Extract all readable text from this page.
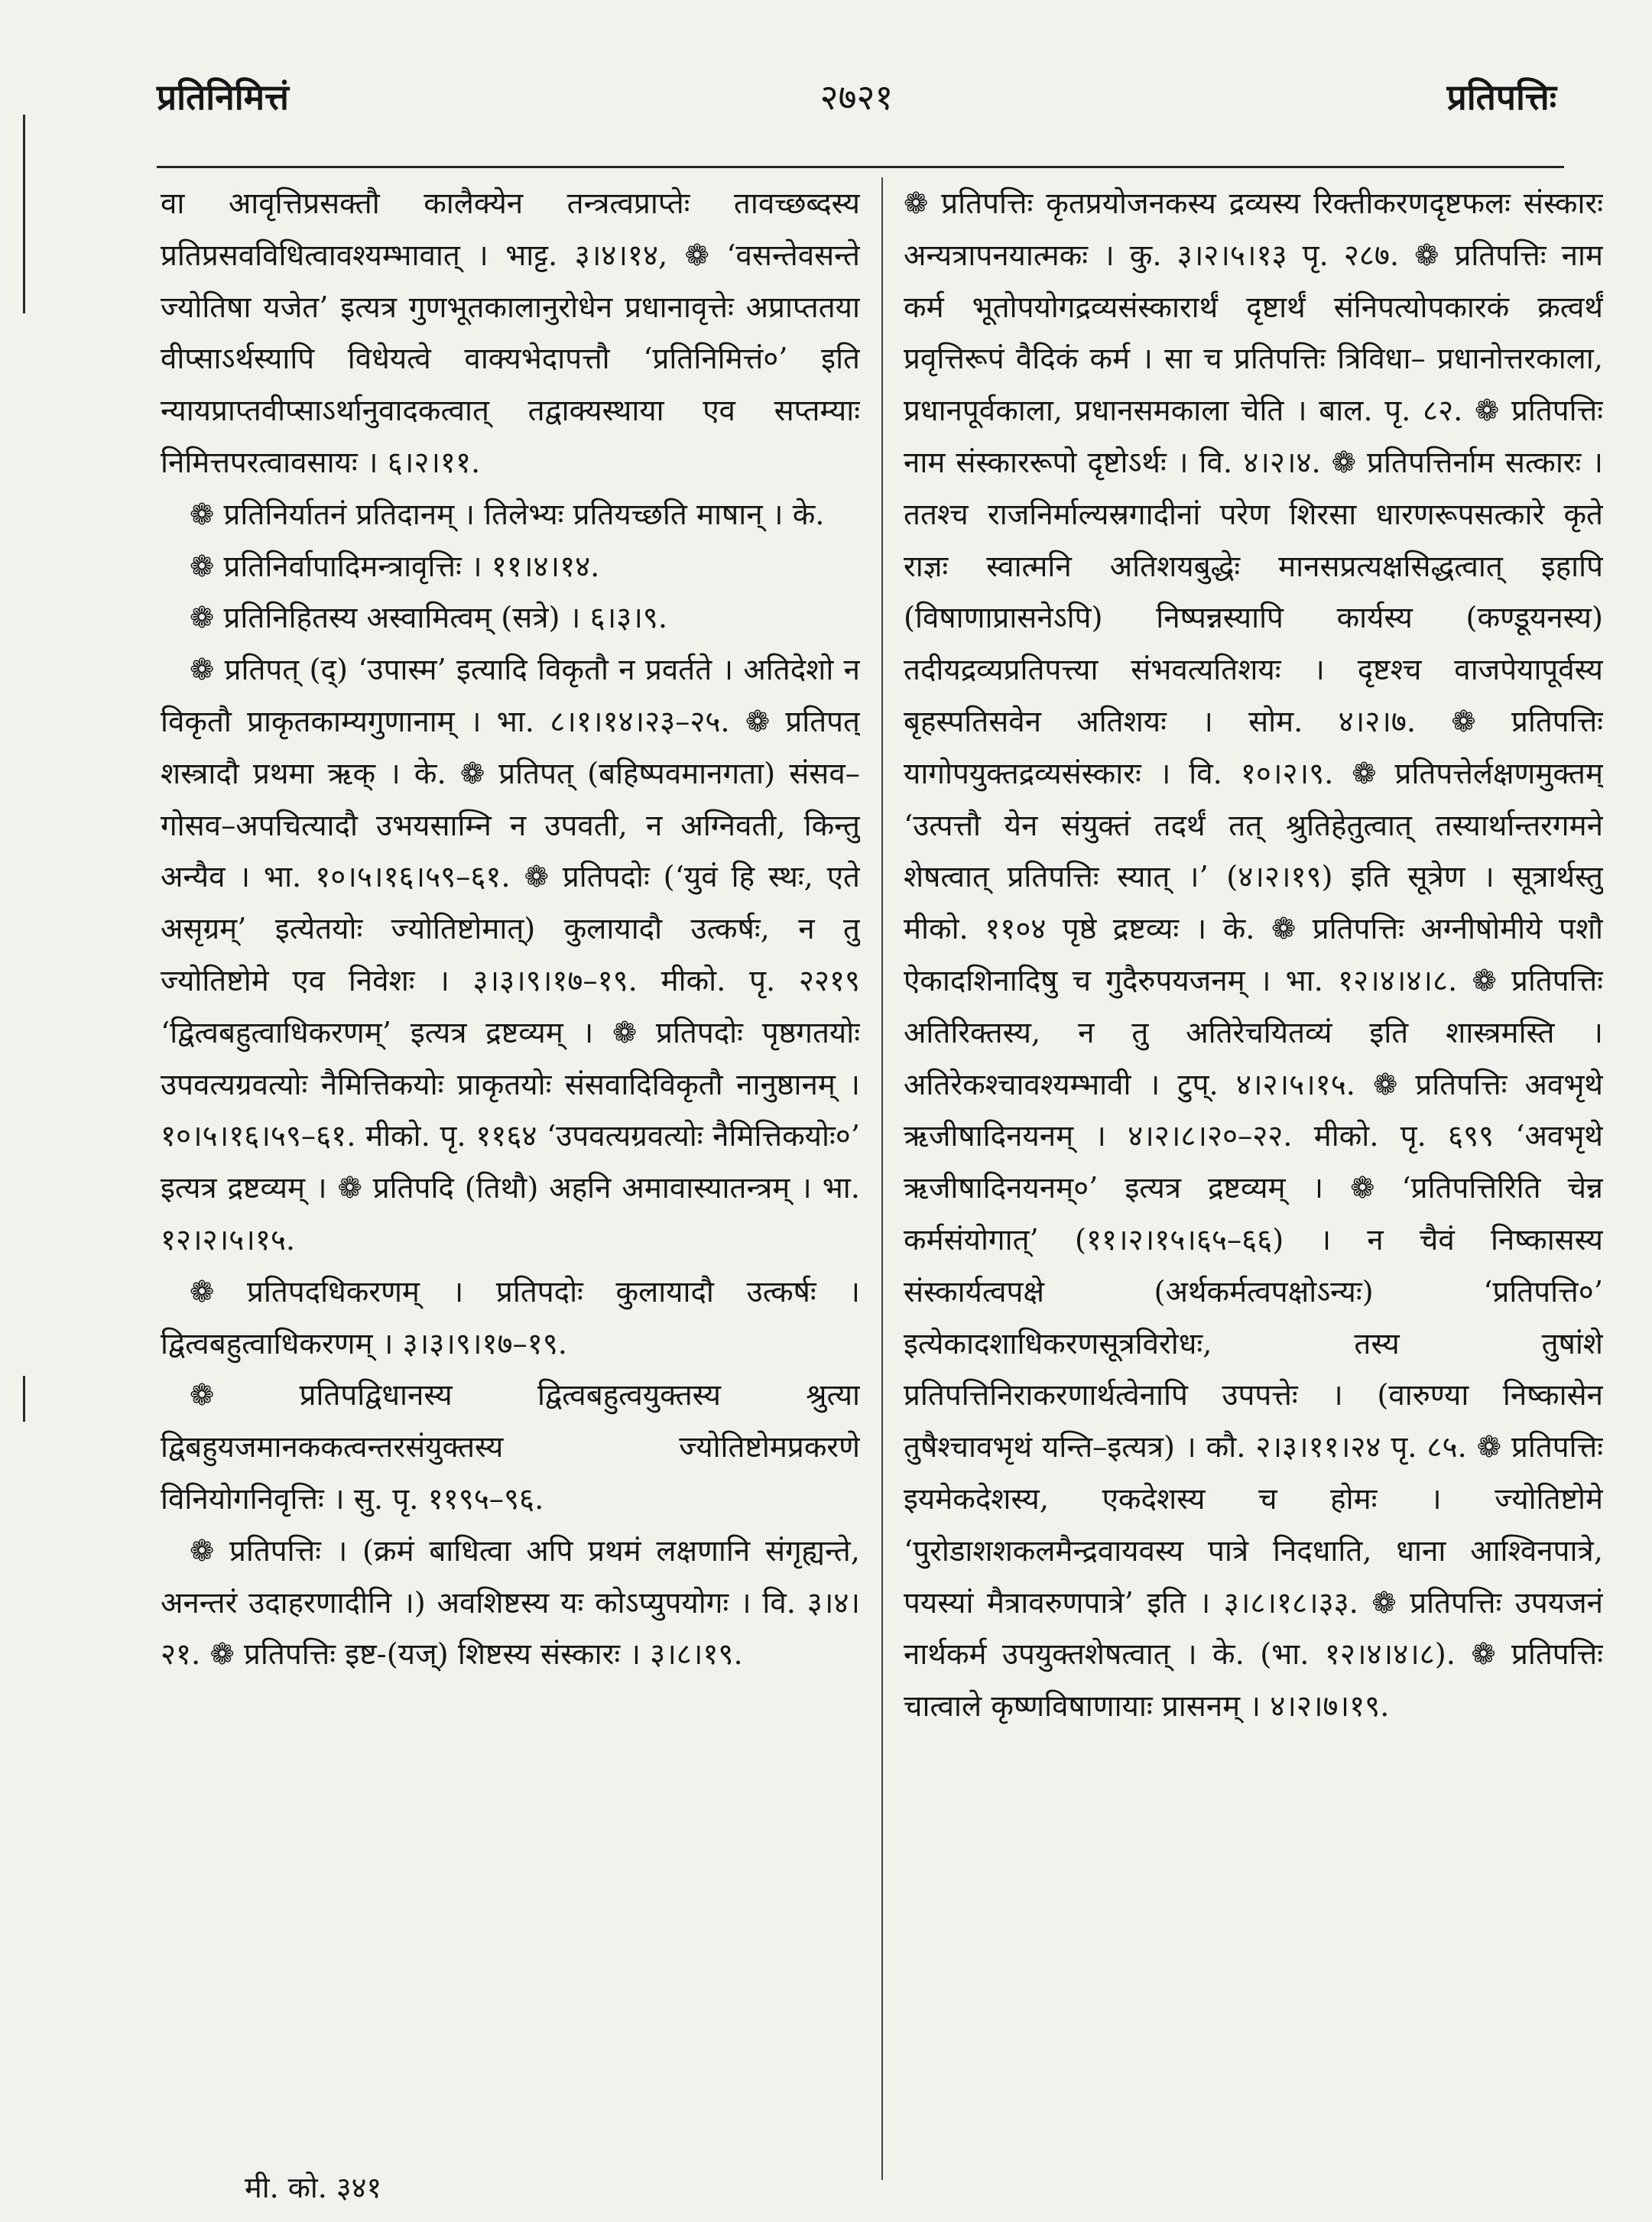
प्रतिनिमित्तं	२७२१	प्रतिपत्तिः

वा आवृत्तिप्रसक्तौ कालैक्येन तन्त्रत्वप्राप्तेः तावच्छब्दस्य प्रतिप्रसवविधित्वावश्यम्भावात् । भाट्ट. ३।४।१४, ❁ ‘वसन्तेवसन्ते ज्योतिषा यजेत’ इत्यत्र गुणभूतकालानुरोधेन प्रधानावृत्तेः अप्राप्ततया वीप्साऽर्थस्यापि विधेयत्वे वाक्यभेदापत्तौ ‘प्रतिनिमित्तं०’ इति न्यायप्राप्तवीप्साऽर्थानुवादकत्वात् तद्वाक्यस्थाया एव सप्तम्याः निमित्तपरत्वावसायः । ६।२।११.

❁ प्रतिनिर्यातनं प्रतिदानम् । तिलेभ्यः प्रतियच्छति माषान् । के.

❁ प्रतिनिर्वापादिमन्त्रावृत्तिः । ११।४।१४.

❁ प्रतिनिहितस्य अस्वामित्वम् (सत्रे) । ६।३।९.

❁ प्रतिपत् (द्) ‘उपास्म’ इत्यादि विकृतौ न प्रवर्तते । अतिदेशो न विकृतौ प्राकृतकाम्यगुणानाम् । भा. ८।१।१४।२३–२५. ❁ प्रतिपत् शस्त्रादौ प्रथमा ऋक् । के. ❁ प्रतिपत् (बहिष्पवमानगता) संसव–गोसव–अपचित्यादौ उभयसाम्नि न उपवती, न अग्निवती, किन्तु अन्यैव । भा. १०।५।१६।५९–६१. ❁ प्रतिपदोः (‘युवं हि स्थः, एते असृग्रम्’ इत्येतयोः ज्योतिष्टोमात्) कुलायादौ उत्कर्षः, न तु ज्योतिष्टोमे एव निवेशः । ३।३।९।१७–१९. मीको. पृ. २२१९ ‘द्वित्वबहुत्वाधिकरणम्’ इत्यत्र द्रष्टव्यम् । ❁ प्रतिपदोः पृष्ठगतयोः उपवत्यग्रवत्योः नैमित्तिकयोः प्राकृतयोः संसवादिविकृतौ नानुष्ठानम् । १०।५।१६।५९–६१. मीको. पृ. ११६४ ‘उपवत्यग्रवत्योः नैमित्तिकयोः०’ इत्यत्र द्रष्टव्यम् । ❁ प्रतिपदि (तिथौ) अहनि अमावास्यातन्त्रम् । भा. १२।२।५।१५.

❁ प्रतिपदधिकरणम् । प्रतिपदोः कुलायादौ उत्कर्षः । द्वित्वबहुत्वाधिकरणम् । ३।३।९।१७–१९.

❁ प्रतिपद्विधानस्य द्वित्वबहुत्वयुक्तस्य श्रुत्या द्विबहुयजमानककत्वन्तरसंयुक्तस्य ज्योतिष्टोमप्रकरणे विनियोगनिवृत्तिः । सु. पृ. ११९५–९६.

❁ प्रतिपत्तिः । (क्रमं बाधित्वा अपि प्रथमं लक्षणानि संगृह्यन्ते, अनन्तरं उदाहरणादीनि ।) अवशिष्टस्य यः कोऽप्युपयोगः । वि. ३।४।२१. ❁ प्रतिपत्तिः इष्ट-(यज्) शिष्टस्य संस्कारः । ३।८।१९.

❁ प्रतिपत्तिः कृतप्रयोजनकस्य द्रव्यस्य रिक्तीकरणदृष्टफलः संस्कारः अन्यत्रापनयात्मकः । कु. ३।२।५।१३ पृ. २८७. ❁ प्रतिपत्तिः नाम कर्म भूतोपयोगद्रव्यसंस्कारार्थं दृष्टार्थं संनिपत्योपकारकं क्रत्वर्थं प्रवृत्तिरूपं वैदिकं कर्म । सा च प्रतिपत्तिः त्रिविधा– प्रधानोत्तरकाला, प्रधानपूर्वकाला, प्रधानसमकाला चेति । बाल. पृ. ८२. ❁ प्रतिपत्तिः नाम संस्काररूपो दृष्टोऽर्थः । वि. ४।२।४. ❁ प्रतिपत्तिर्नाम सत्कारः । ततश्च राजनिर्माल्यस्रगादीनां परेण शिरसा धारणरूपसत्कारे कृते राज्ञः स्वात्मनि अतिशयबुद्धेः मानसप्रत्यक्षसिद्धत्वात् इहापि (विषाणाप्रासनेऽपि) निष्पन्नस्यापि कार्यस्य (कण्डूयनस्य) तदीयद्रव्यप्रतिपत्त्या संभवत्यतिशयः । दृष्टश्च वाजपेयापूर्वस्य बृहस्पतिसवेन अतिशयः । सोम. ४।२।७. ❁ प्रतिपत्तिः यागोपयुक्तद्रव्यसंस्कारः । वि. १०।२।९. ❁ प्रतिपत्तेर्लक्षणमुक्तम् ‘उत्पत्तौ येन संयुक्तं तदर्थं तत् श्रुतिहेतुत्वात् तस्यार्थान्तरगमने शेषत्वात् प्रतिपत्तिः स्यात् ।’ (४।२।१९) इति सूत्रेण । सूत्रार्थस्तु मीको. ११०४ पृष्ठे द्रष्टव्यः । के. ❁ प्रतिपत्तिः अग्नीषोमीये पशौ ऐकादशिनादिषु च गुदैरुपयजनम् । भा. १२।४।४।८. ❁ प्रतिपत्तिः अतिरिक्तस्य, न तु अतिरेचयितव्यं इति शास्त्रमस्ति । अतिरेकश्चावश्यम्भावी । टुप्. ४।२।५।१५. ❁ प्रतिपत्तिः अवभृथे ऋजीषादिनयनम् । ४।२।८।२०–२२. मीको. पृ. ६९९ ‘अवभृथे ऋजीषादिनयनम्०’ इत्यत्र द्रष्टव्यम् । ❁ ‘प्रतिपत्तिरिति चेन्न कर्मसंयोगात्’ (११।२।१५।६५–६६) । न चैवं निष्कासस्य संस्कार्यत्वपक्षे (अर्थकर्मत्वपक्षोऽन्यः) ‘प्रतिपत्ति०’ इत्येकादशाधिकरणसूत्रविरोधः, तस्य तुषांशे प्रतिपत्तिनिराकरणार्थत्वेनापि उपपत्तेः । (वारुण्या निष्कासेन तुषैश्चावभृथं यन्ति–इत्यत्र) । कौ. २।३।११।२४ पृ. ८५. ❁ प्रतिपत्तिः इयमेकदेशस्य, एकदेशस्य च होमः । ज्योतिष्टोमे ‘पुरोडाशशकलमैन्द्रवायवस्य पात्रे निदधाति, धाना आश्विनपात्रे, पयस्यां मैत्रावरुणपात्रे’ इति । ३।८।१८।३३. ❁ प्रतिपत्तिः उपयजनं नार्थकर्म उपयुक्तशेषत्वात् । के. (भा. १२।४।४।८). ❁ प्रतिपत्तिः चात्वाले कृष्णविषाणायाः प्रासनम् । ४।२।७।१९.

मी. को. ३४१
